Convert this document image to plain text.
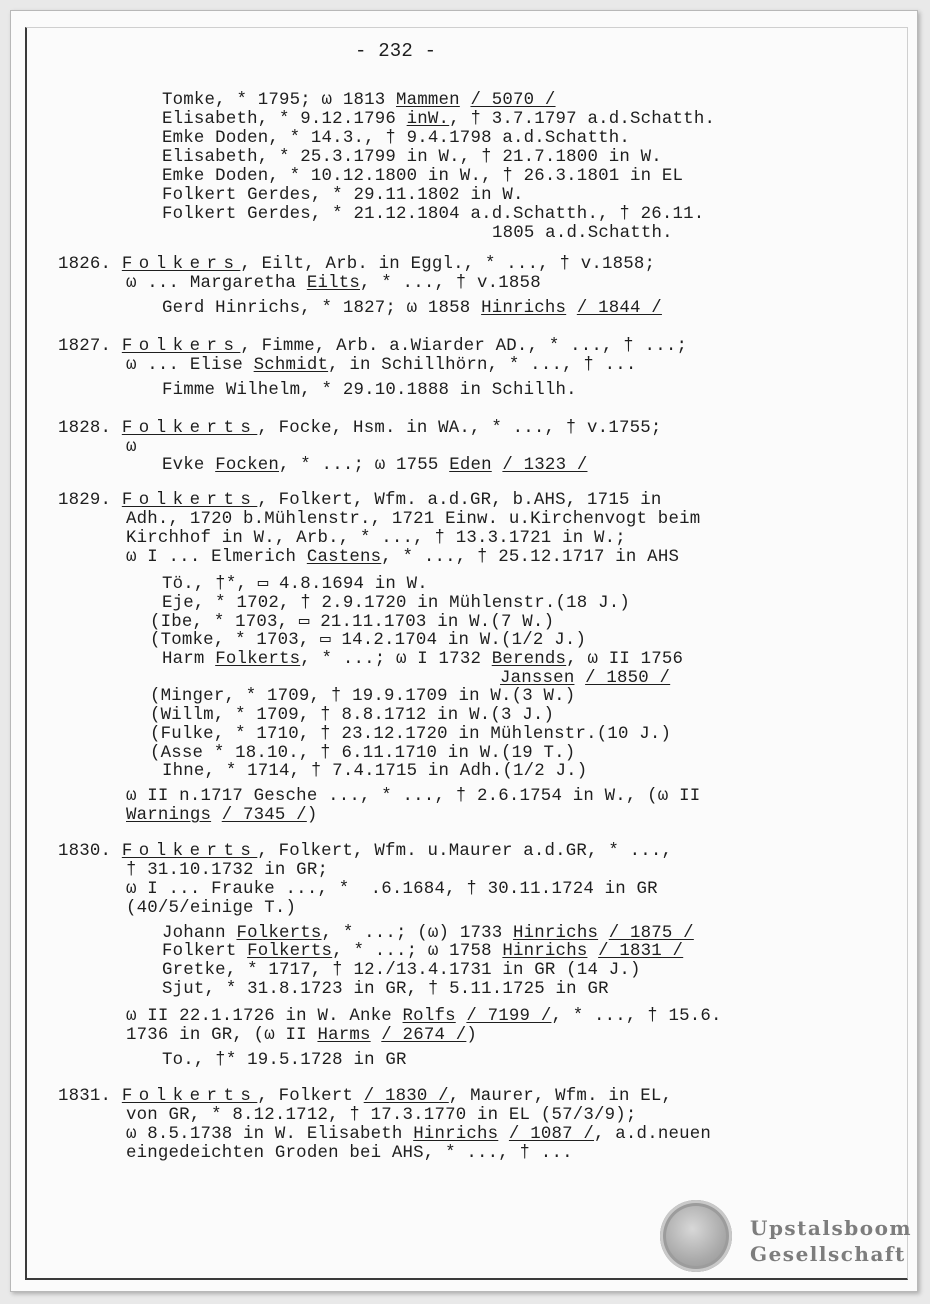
- 232 -
Tomke, * 1795; ω 1813 Mammen / 5070 /
Elisabeth, * 9.12.1796 inW., † 3.7.1797 a.d.Schatth.
Emke Doden, * 14.3., † 9.4.1798 a.d.Schatth.
Elisabeth, * 25.3.1799 in W., † 21.7.1800 in W.
Emke Doden, * 10.12.1800 in W., † 26.3.1801 in EL
Folkert Gerdes, * 29.11.1802 in W.
Folkert Gerdes, * 21.12.1804 a.d.Schatth., † 26.11.
1805 a.d.Schatth.
1826. Folkers, Eilt, Arb. in Eggl., * ..., † v.1858;
ω ... Margaretha Eilts, * ..., † v.1858
Gerd Hinrichs, * 1827; ω 1858 Hinrichs / 1844 /
1827. Folkers, Fimme, Arb. a.Wiarder AD., * ..., † ...;
ω ... Elise Schmidt, in Schillhörn, * ..., † ...
Fimme Wilhelm, * 29.10.1888 in Schillh.
1828. Folkerts, Focke, Hsm. in WA., * ..., † v.1755;
ω
Evke Focken, * ...; ω 1755 Eden / 1323 /
1829. Folkerts, Folkert, Wfm. a.d.GR, b.AHS, 1715 in
Adh., 1720 b.Mühlenstr., 1721 Einw. u.Kirchenvogt beim
Kirchhof in W., Arb., * ..., † 13.3.1721 in W.;
ω I ... Elmerich Castens, * ..., † 25.12.1717 in AHS
Tö., †*, ▭ 4.8.1694 in W.
Eje, * 1702, † 2.9.1720 in Mühlenstr.(18 J.)
(Ibe, * 1703, ▭ 21.11.1703 in W.(7 W.)
(Tomke, * 1703, ▭ 14.2.1704 in W.(1/2 J.)
Harm Folkerts, * ...; ω I 1732 Berends, ω II 1756
Janssen / 1850 /
(Minger, * 1709, † 19.9.1709 in W.(3 W.)
(Willm, * 1709, † 8.8.1712 in W.(3 J.)
(Fulke, * 1710, † 23.12.1720 in Mühlenstr.(10 J.)
(Asse * 18.10., † 6.11.1710 in W.(19 T.)
Ihne, * 1714, † 7.4.1715 in Adh.(1/2 J.)
ω II n.1717 Gesche ..., * ..., † 2.6.1754 in W., (ω II
Warnings / 7345 /)
1830. Folkerts, Folkert, Wfm. u.Maurer a.d.GR, * ...,
† 31.10.1732 in GR;
ω I ... Frauke ..., *  .6.1684, † 30.11.1724 in GR
(40/5/einige T.)
Johann Folkerts, * ...; (ω) 1733 Hinrichs / 1875 /
Folkert Folkerts, * ...; ω 1758 Hinrichs / 1831 /
Gretke, * 1717, † 12./13.4.1731 in GR (14 J.)
Sjut, * 31.8.1723 in GR, † 5.11.1725 in GR
ω II 22.1.1726 in W. Anke Rolfs / 7199 /, * ..., † 15.6.
1736 in GR, (ω II Harms / 2674 /)
To., †* 19.5.1728 in GR
1831. Folkerts, Folkert / 1830 /, Maurer, Wfm. in EL,
von GR, * 8.12.1712, † 17.3.1770 in EL (57/3/9);
ω 8.5.1738 in W. Elisabeth Hinrichs / 1087 /, a.d.neuen
eingedeichten Groden bei AHS, * ..., † ...
Upstalsboom
Gesellschaft
